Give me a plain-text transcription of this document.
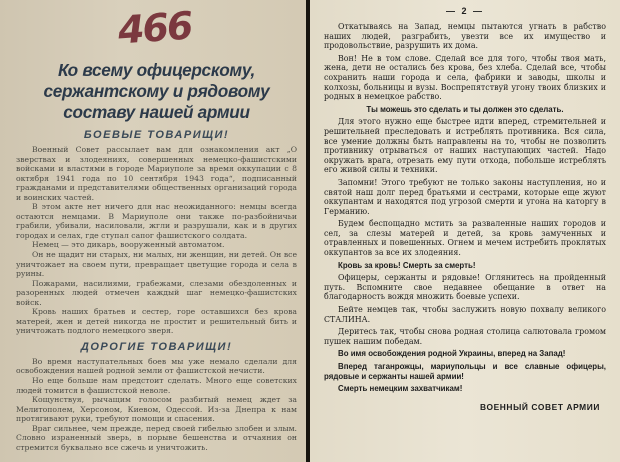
466
Ко всему офицерскому, сержантскому и рядовому составу нашей армии
БОЕВЫЕ ТОВАРИЩИ!

Военный Совет рассылает вам для ознакомления акт „О зверствах и злодеяниях, совершенных немецко-фашистскими войсками и властями в городе Мариуполе за время оккупации с 8 октября 1941 года по 10 сентября 1943 года“, подписанный гражданами и представителями общественных организаций города и воинских частей.

В этом акте нет ничего для нас неожиданного: немцы всегда остаются немцами. В Мариуполе они также по-разбойничьи грабили, убивали, насиловали, жгли и разрушали, как и в других городах и селах, где ступал сапог фашистского солдата.

Немец — это дикарь, вооруженный автоматом.

Он не щадит ни старых, ни малых, ни женщин, ни детей. Он все уничтожает на своем пути, превращает цветущие города и села в руины.

Пожарами, насилиями, грабежами, слезами обездоленных и разоренных людей отмечен каждый шаг немецко-фашистских войск.

Кровь наших братьев и сестер, горе оставшихся без крова матерей, жен и детей никогда не простит и решительный бить и уничтожать подлого немецкого зверя.

ДОРОГИЕ ТОВАРИЩИ!

Во время наступательных боев мы уже немало сделали для освобождения нашей родной земли от фашистской нечисти.

Но еще больше нам предстоит сделать. Много еще советских людей томится в фашистской неволе.

Кощунствуя, рычащим голосом разбитый немец ждет за Мелитополем, Херсоном, Киевом, Одессой. Из-за Днепра к нам протягивают руки, требуют помощи и спасения.

Враг сильнее, чем прежде, перед своей гибелью злобен и злым. Словно израненный зверь, в порыве бешенства и отчаяния он стремится буквально все сжечь и уничтожить.

— 2 —

Откатываясь на Запад, немцы пытаются угнать в рабство наших людей, разграбить, увезти все их имущество и продовольствие, разрушить их дома.

Вон! Не в том слове. Сделай все для того, чтобы твоя мать, жена, дети не остались без крова, без хлеба. Сделай все, чтобы сохранить наши города и села, фабрики и заводы, школы и колхозы, больницы и вузы. Воспрепятствуй угону твоих близких и родных в немецкое рабство.

Ты можешь это сделать и ты должен это сделать.

Для этого нужно еще быстрее идти вперед, стремительней и решительней преследовать и истреблять противника. Вся сила, все умение должны быть направлены на то, чтобы не позволить противнику отрываться от наших наступающих частей. Надо окружать врага, отрезать ему пути отхода, побольше истреблять его живой силы и техники.

Запомни! Этого требуют не только законы наступления, но и святой наш долг перед братьями и сестрами, которые еще жуют оккупантам и находятся под угрозой смерти и угона на каторгу в Германию.

Будем беспощадно мстить за разваленные наших городов и сел, за слезы матерей и детей, за кровь замученных и отравленных и повешенных. Огнем и мечем истребить проклятых оккупантов за все их злодеяния.

Кровь за кровь! Смерть за смерть!

Офицеры, сержанты и рядовые! Оглянитесь на пройденный путь. Вспомните свое недавнее обещание в ответ на благодарность вождя множить боевые успехи.

Бейте немцев так, чтобы заслужить новую похвалу великого СТАЛИНА.

Деритесь так, чтобы снова родная столица салютовала громом пушек нашим победам.

Во имя освобождения родной Украины, вперед на Запад!

Вперед таганрожцы, мариупольцы и все славные офицеры, рядовые и сержанты нашей армии!

Смерть немецким захватчикам!

ВОЕННЫЙ СОВЕТ АРМИИ
